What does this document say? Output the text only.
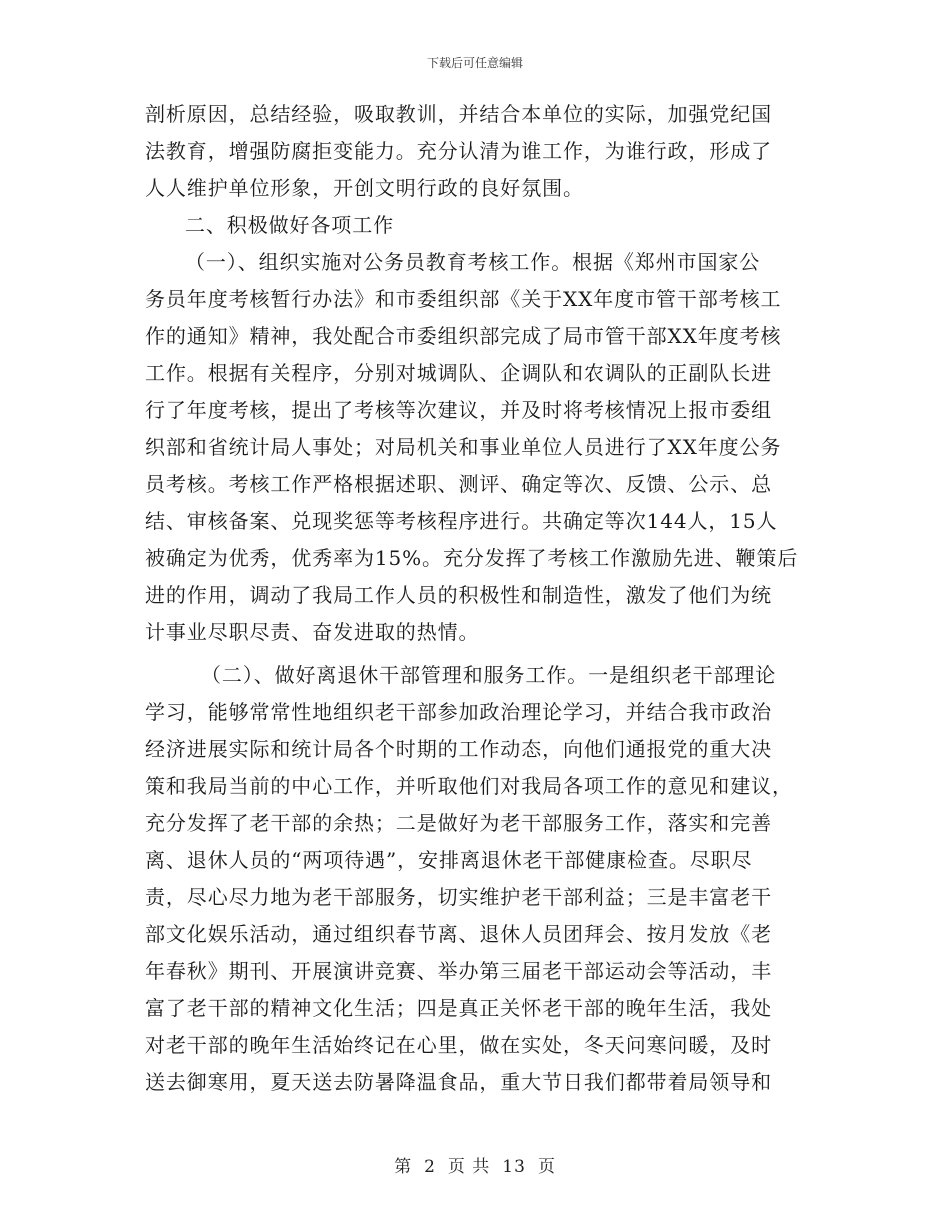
下载后可任意编辑
剖析原因，总结经验，吸取教训，并结合本单位的实际，加强党纪国
法教育，增强防腐拒变能力。充分认清为谁工作，为谁行政，形成了
人人维护单位形象，开创文明行政的良好氛围。
二、积极做好各项工作
（一）、组织实施对公务员教育考核工作。根据《郑州市国家公
务员年度考核暂行办法》和市委组织部《关于XX年度市管干部考核工
作的通知》精神，我处配合市委组织部完成了局市管干部XX年度考核
工作。根据有关程序，分别对城调队、企调队和农调队的正副队长进
行了年度考核，提出了考核等次建议，并及时将考核情况上报市委组
织部和省统计局人事处；对局机关和事业单位人员进行了XX年度公务
员考核。考核工作严格根据述职、测评、确定等次、反馈、公示、总
结、审核备案、兑现奖惩等考核程序进行。共确定等次144人，15人
被确定为优秀，优秀率为15%。充分发挥了考核工作激励先进、鞭策后
进的作用，调动了我局工作人员的积极性和制造性，激发了他们为统
计事业尽职尽责、奋发进取的热情。
（二）、做好离退休干部管理和服务工作。一是组织老干部理论
学习，能够常常性地组织老干部参加政治理论学习，并结合我市政治
经济进展实际和统计局各个时期的工作动态，向他们通报党的重大决
策和我局当前的中心工作，并听取他们对我局各项工作的意见和建议，
充分发挥了老干部的余热；二是做好为老干部服务工作，落实和完善
离、退休人员的“两项待遇”，安排离退休老干部健康检查。尽职尽
责，尽心尽力地为老干部服务，切实维护老干部利益；三是丰富老干
部文化娱乐活动，通过组织春节离、退休人员团拜会、按月发放《老
年春秋》期刊、开展演讲竞赛、举办第三届老干部运动会等活动，丰
富了老干部的精神文化生活；四是真正关怀老干部的晚年生活，我处
对老干部的晚年生活始终记在心里，做在实处，冬天问寒问暖，及时
送去御寒用，夏天送去防暑降温食品，重大节日我们都带着局领导和
第 2 页 共 13 页
